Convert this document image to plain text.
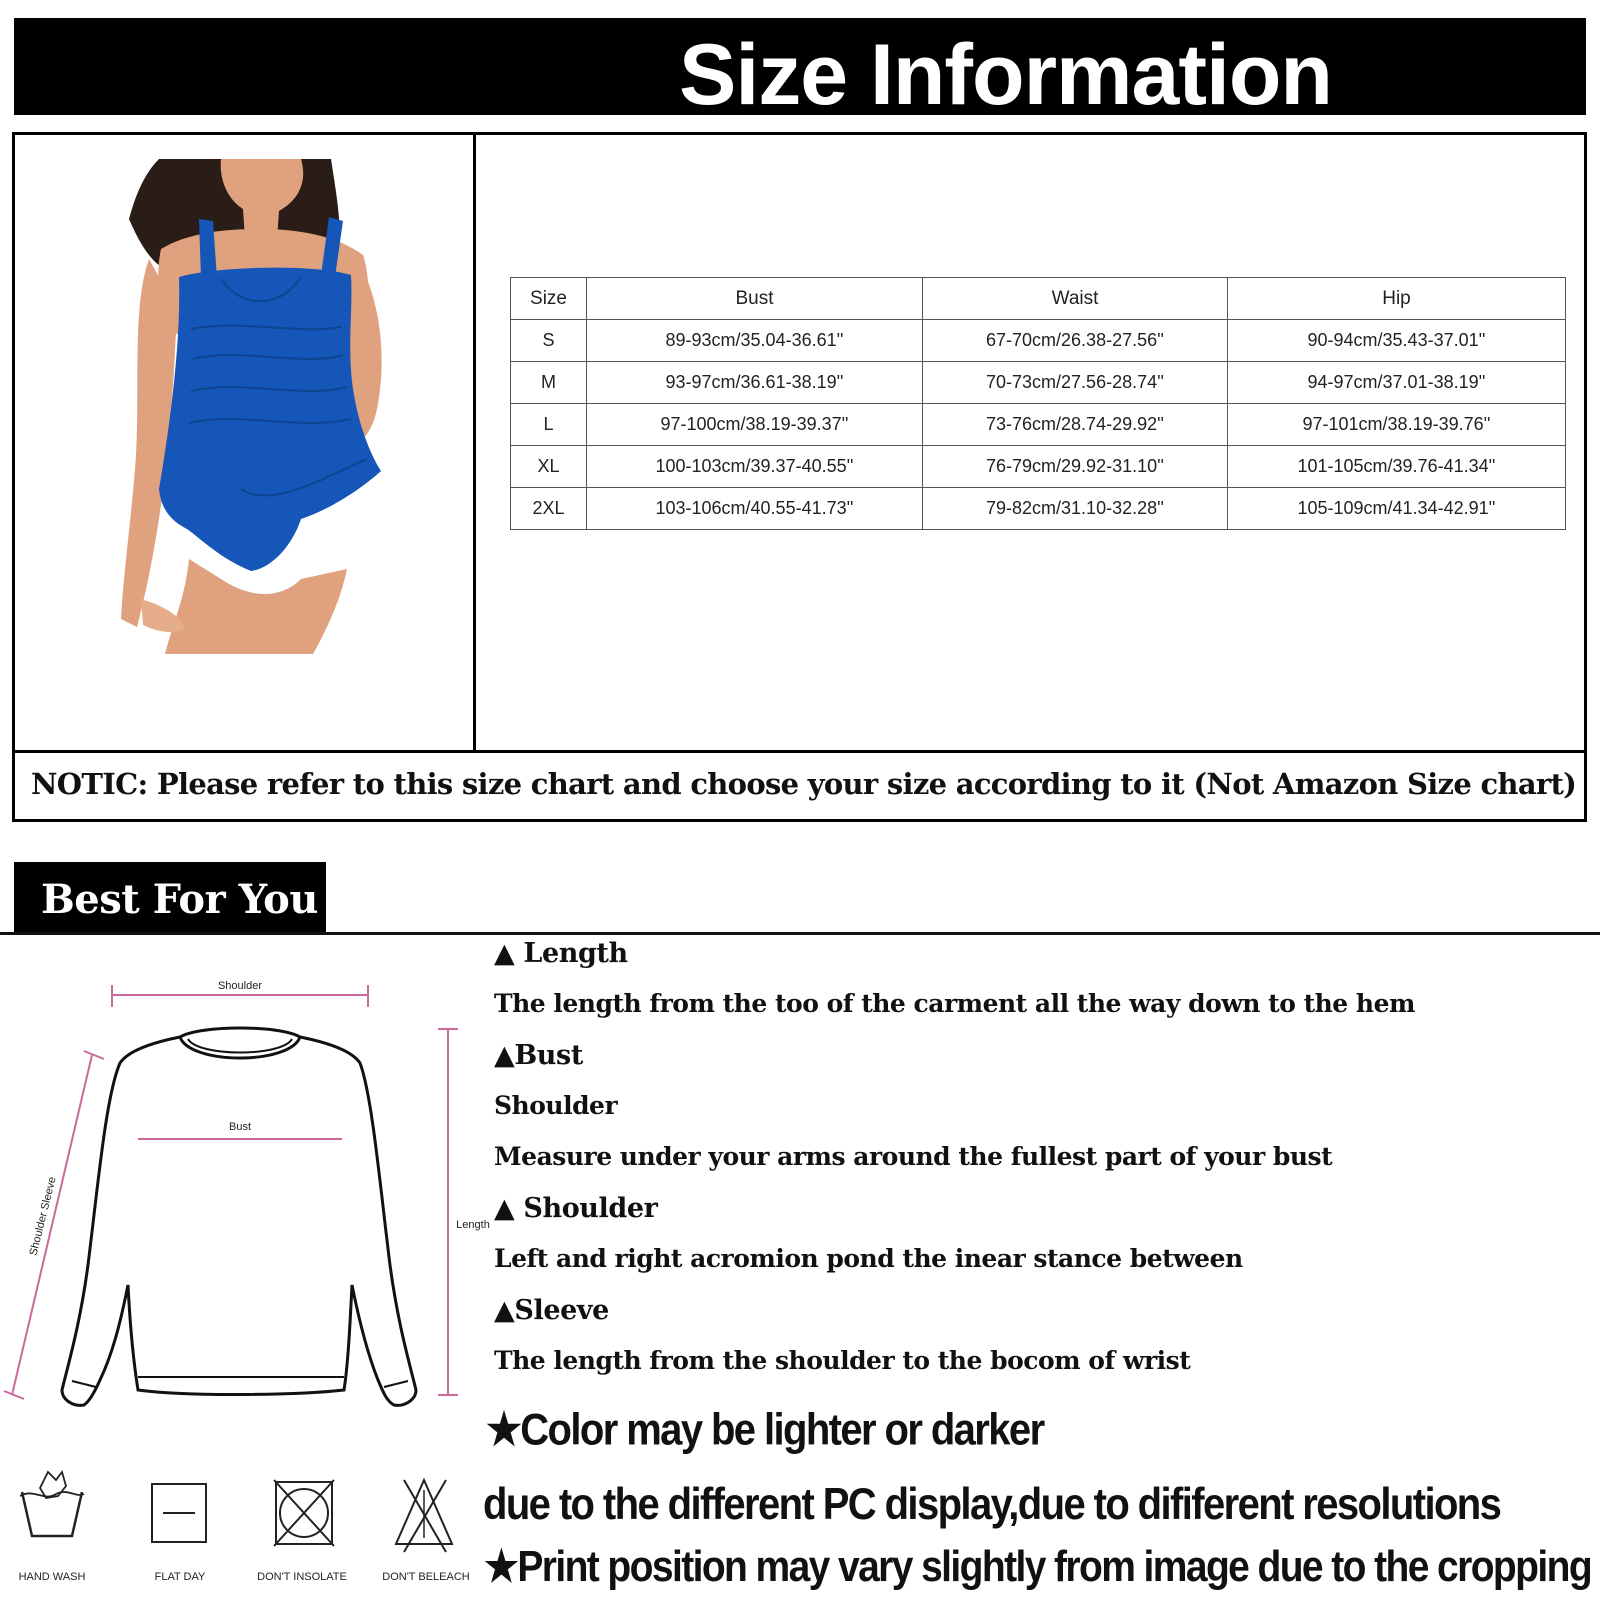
Size Information
Size	Bust	Waist	Hip
S	89-93cm/35.04-36.61''	67-70cm/26.38-27.56''	90-94cm/35.43-37.01''
M	93-97cm/36.61-38.19''	70-73cm/27.56-28.74''	94-97cm/37.01-38.19''
L	97-100cm/38.19-39.37''	73-76cm/28.74-29.92''	97-101cm/38.19-39.76''
XL	100-103cm/39.37-40.55''	76-79cm/29.92-31.10''	101-105cm/39.76-41.34''
2XL	103-106cm/40.55-41.73''	79-82cm/31.10-32.28''	105-109cm/41.34-42.91''
NOTIC: Please refer to this size chart and choose your size according to it (Not Amazon Size chart)
Best For You
Shoulder
Bust
Length
Shoulder Sleeve
HAND WASH	FLAT DAY	DON'T INSOLATE	DON'T BELEACH
▲ Length
The length from the too of the carment all the way down to the hem
▲Bust
Shoulder
Measure under your arms around the fullest part of your bust
▲ Shoulder
Left and right acromion pond the inear stance between
▲Sleeve
The length from the shoulder to the bocom of wrist
★Color may be lighter or darker
due to the different PC display,due to dififerent resolutions
★Print position may vary slightly from image due to the cropping
